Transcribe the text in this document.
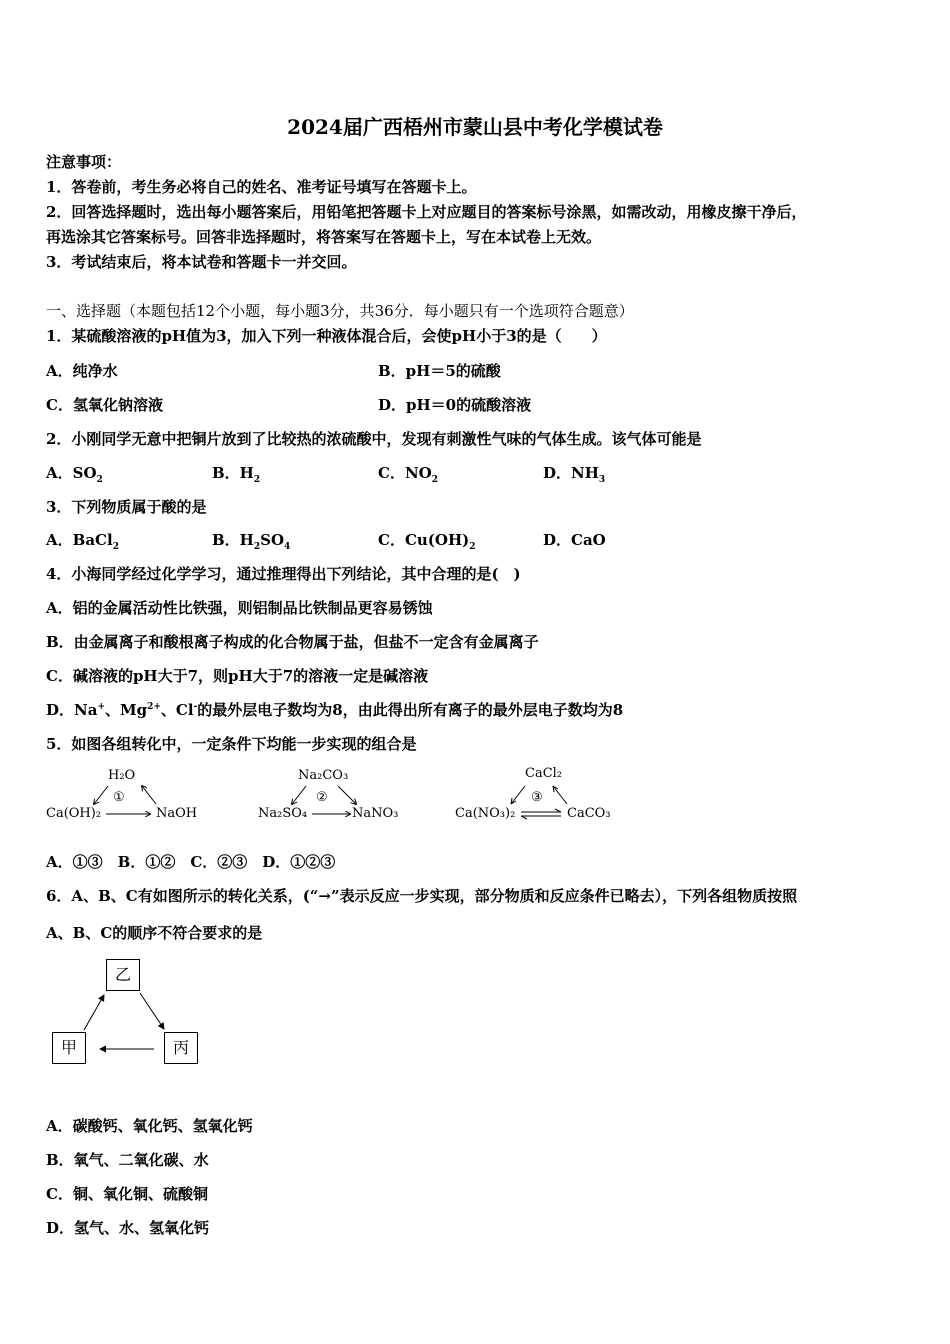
2024届广西梧州市蒙山县中考化学模试卷
注意事项：
1．答卷前，考生务必将自己的姓名、准考证号填写在答题卡上。
2．回答选择题时，选出每小题答案后，用铅笔把答题卡上对应题目的答案标号涂黑，如需改动，用橡皮擦干净后，
再选涂其它答案标号。回答非选择题时，将答案写在答题卡上，写在本试卷上无效。
3．考试结束后，将本试卷和答题卡一并交回。
一、选择题（本题包括12个小题，每小题3分，共36分．每小题只有一个选项符合题意）
1．某硫酸溶液的pH值为3，加入下列一种液体混合后，会使pH小于3的是（　　）
A．纯净水	B．pH＝5的硫酸
C．氢氧化钠溶液	D．pH＝0的硫酸溶液
2．小刚同学无意中把铜片放到了比较热的浓硫酸中，发现有刺激性气味的气体生成。该气体可能是
A．$SO_2$	B．$H_2$	C．$NO_2$	D．$NH_3$
3．下列物质属于酸的是
A．BaCl$_2$	B．$H_2SO_4$	C．$Cu(OH)_2$	D．CaO
4．小海同学经过化学学习，通过推理得出下列结论，其中合理的是(　)
A．铝的金属活动性比铁强，则铝制品比铁制品更容易锈蚀
B．由金属离子和酸根离子构成的化合物属于盐，但盐不一定含有金属离子
C．碱溶液的pH大于7，则pH大于7的溶液一定是碱溶液
D．Na+、$Mg^{2+}$、Cl-的最外层电子数均为8，由此得出所有离子的最外层电子数均为8
5．如图各组转化中，一定条件下均能一步实现的组合是
H₂O
①
Ca(OH)₂	NaOH
Na₂CO₃
②
Na₂SO₄	NaNO₃
CaCl₂
③
Ca(NO₃)₂	CaCO₃
A．①③　B．①②　C．②③　D．①②③
6．A、B、C有如图所示的转化关系，(“→”表示反应一步实现，部分物质和反应条件已略去），下列各组物质按照
A、B、C的顺序不符合要求的是
乙
甲	丙
A．碳酸钙、氧化钙、氢氧化钙
B．氧气、二氧化碳、水
C．铜、氧化铜、硫酸铜
D．氢气、水、氢氧化钙
